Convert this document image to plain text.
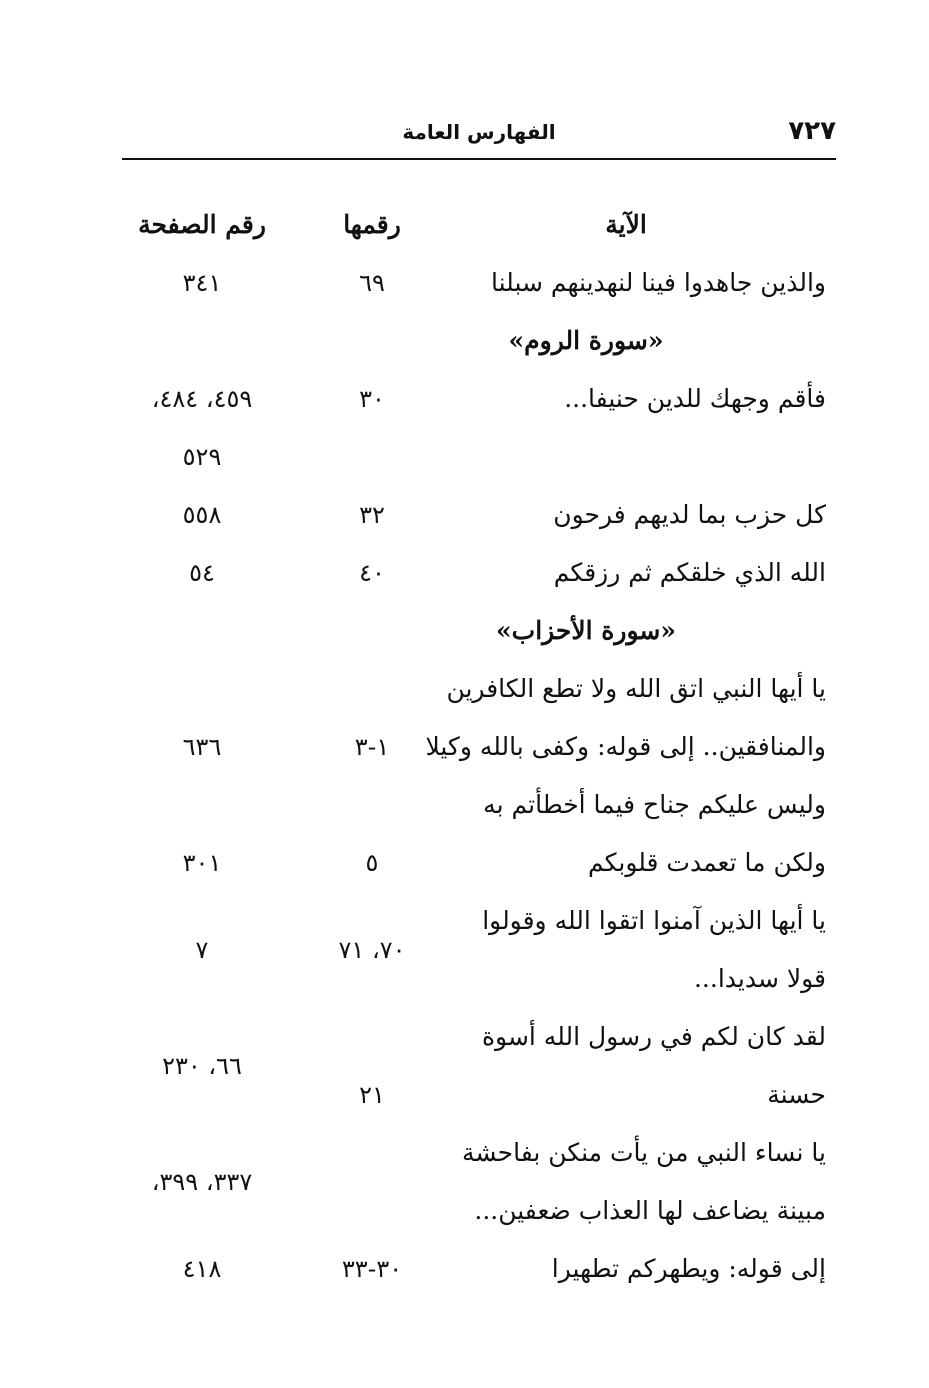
٧٢٧
الفهارس العامة
الآية
رقمها
رقم الصفحة
والذين جاهدوا فينا لنهدينهم سبلنا
٦٩
٣٤١
«سورة الروم»
فأقم وجهك للدين حنيفا...
٣٠
٤٥٩، ٤٨٤،
٥٢٩
كل حزب بما لديهم فرحون
٣٢
٥٥٨
الله الذي خلقكم ثم رزقكم
٤٠
٥٤
«سورة الأحزاب»
يا أيها النبي اتق الله ولا تطع الكافرين
والمنافقين.. إلى قوله: وكفى بالله وكيلا
١-٣
٦٣٦
وليس عليكم جناح فيما أخطأتم به
ولكن ما تعمدت قلوبكم
٥
٣٠١
يا أيها الذين آمنوا اتقوا الله وقولوا
قولا سديدا...
٧٠، ٧١
٧
لقد كان لكم في رسول الله أسوة
حسنة
٢١
٦٦، ٢٣٠
يا نساء النبي من يأت منكن بفاحشة
مبينة يضاعف لها العذاب ضعفين...
٣٣٧، ٣٩٩،
إلى قوله: ويطهركم تطهيرا
٣٠-٣٣
٤١٨
